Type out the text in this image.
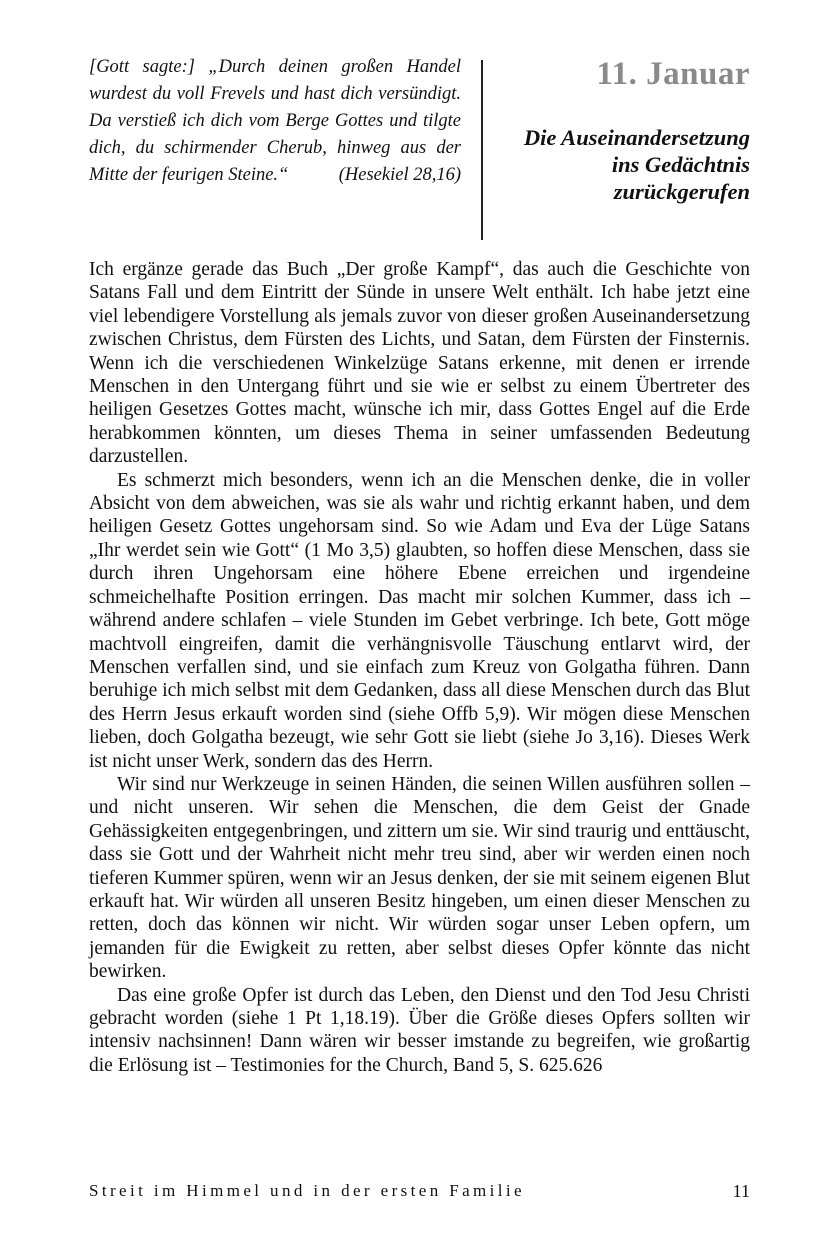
[Gott sagte:] „Durch deinen großen Handel wurdest du voll Frevels und hast dich versündigt. Da verstieß ich dich vom Berge Gottes und tilgte dich, du schirmender Cherub, hinweg aus der Mitte der feurigen Steine.“	(Hesekiel 28,16)
11. Januar
Die Auseinandersetzung ins Gedächtnis zurückgerufen

Ich ergänze gerade das Buch „Der große Kampf“, das auch die Geschichte von Satans Fall und dem Eintritt der Sünde in unsere Welt enthält. Ich habe jetzt eine viel lebendigere Vorstellung als jemals zuvor von dieser großen Auseinandersetzung zwischen Christus, dem Fürsten des Lichts, und Satan, dem Fürsten der Finsternis. Wenn ich die verschiedenen Winkelzüge Satans erkenne, mit denen er irrende Menschen in den Untergang führt und sie wie er selbst zu einem Übertreter des heiligen Gesetzes Gottes macht, wünsche ich mir, dass Gottes Engel auf die Erde herabkommen könnten, um dieses Thema in seiner umfassenden Bedeutung darzustellen.

Es schmerzt mich besonders, wenn ich an die Menschen denke, die in voller Absicht von dem abweichen, was sie als wahr und richtig erkannt haben, und dem heiligen Gesetz Gottes ungehorsam sind. So wie Adam und Eva der Lüge Satans „Ihr werdet sein wie Gott“ (1 Mo 3,5) glaubten, so hoffen diese Menschen, dass sie durch ihren Ungehorsam eine höhere Ebene erreichen und irgendeine schmeichelhafte Position erringen. Das macht mir solchen Kummer, dass ich – während andere schlafen – viele Stunden im Gebet verbringe. Ich bete, Gott möge machtvoll eingreifen, damit die verhängnisvolle Täuschung entlarvt wird, der Menschen verfallen sind, und sie einfach zum Kreuz von Golgatha führen. Dann beruhige ich mich selbst mit dem Gedanken, dass all diese Menschen durch das Blut des Herrn Jesus erkauft worden sind (siehe Offb 5,9). Wir mögen diese Menschen lieben, doch Golgatha bezeugt, wie sehr Gott sie liebt (siehe Jo 3,16). Dieses Werk ist nicht unser Werk, sondern das des Herrn.

Wir sind nur Werkzeuge in seinen Händen, die seinen Willen ausführen sollen – und nicht unseren. Wir sehen die Menschen, die dem Geist der Gnade Gehässigkeiten entgegenbringen, und zittern um sie. Wir sind traurig und enttäuscht, dass sie Gott und der Wahrheit nicht mehr treu sind, aber wir werden einen noch tieferen Kummer spüren, wenn wir an Jesus denken, der sie mit seinem eigenen Blut erkauft hat. Wir würden all unseren Besitz hingeben, um einen dieser Menschen zu retten, doch das können wir nicht. Wir würden sogar unser Leben opfern, um jemanden für die Ewigkeit zu retten, aber selbst dieses Opfer könnte das nicht bewirken.

Das eine große Opfer ist durch das Leben, den Dienst und den Tod Jesu Christi gebracht worden (siehe 1 Pt 1,18.19). Über die Größe dieses Opfers sollten wir intensiv nachsinnen! Dann wären wir besser imstande zu begreifen, wie großartig die Erlösung ist – Testimonies for the Church, Band 5, S. 625.626

Streit im Himmel und in der ersten Familie	11
